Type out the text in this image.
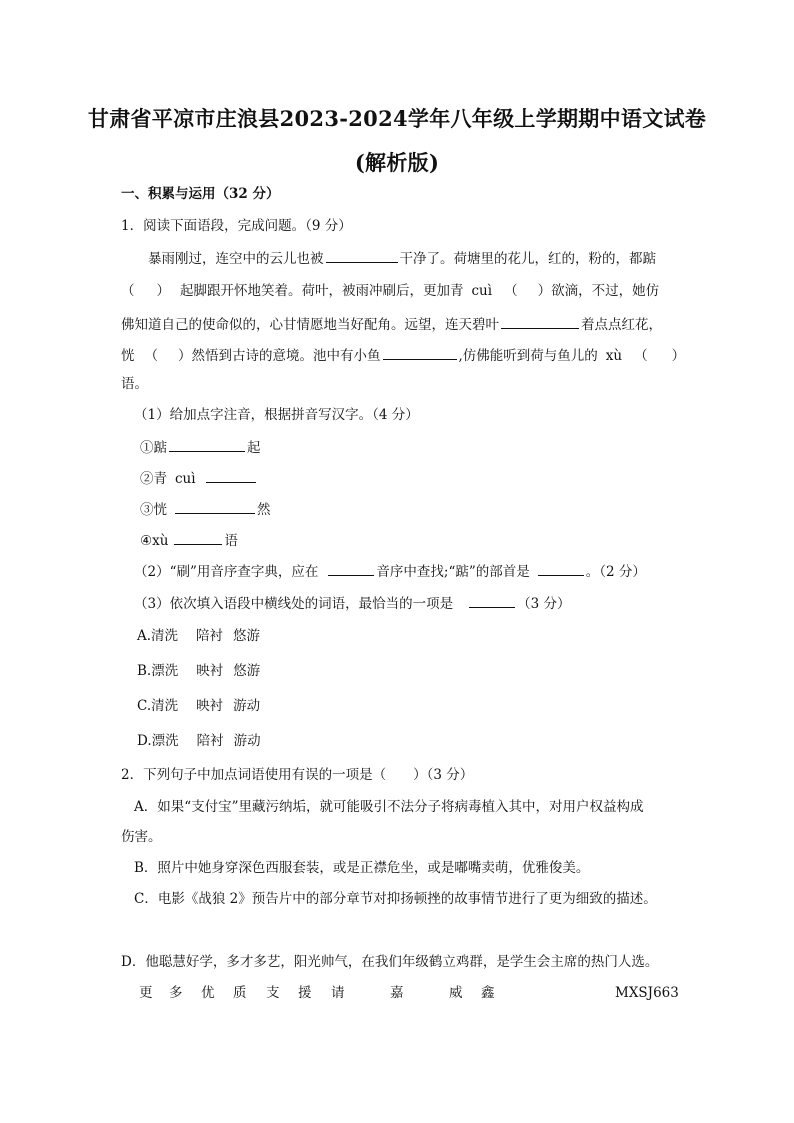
甘肃省平凉市庄浪县2023-2024学年八年级上学期期中语文试卷
(解析版)
一、积累与运用（32 分）
1．阅读下面语段，完成问题。（9 分）
暴雨刚过，连空中的云儿也被	干净了。荷塘里的花儿，红的，粉的，都踮
（ ） 起脚跟开怀地笑着。荷叶，被雨冲刷后，更加青 cuì （ ）欲滴，不过，她仿
佛知道自己的使命似的，心甘情愿地当好配角。远望，连天碧叶	着点点红花，
恍 （ ）然悟到古诗的意境。池中有小鱼	,仿佛能听到荷与鱼儿的 xù （ ）
语。
（1）给加点字注音，根据拼音写汉字。（4 分）
①踮	起
②青 cuì
③恍	然
④xù	语
（2）“刷”用音序查字典，应在	音序中查找;“踮”的部首是	。（2 分）
（3）依次填入语段中横线处的词语，最恰当的一项是	（3 分）
A.清洗 陪衬 悠游
B.漂洗 映衬 悠游
C.清洗 映衬 游动
D.漂洗 陪衬 游动
2．下列句子中加点词语使用有误的一项是（　　）（3 分）
A．如果“支付宝”里藏污纳垢，就可能吸引不法分子将病毒植入其中，对用户权益构成
伤害。
B．照片中她身穿深色西服套装，或是正襟危坐，或是嘟嘴卖萌，优雅俊美。
C．电影《战狼 2》预告片中的部分章节对抑扬顿挫的故事情节进行了更为细致的描述。
D．他聪慧好学，多才多艺，阳光帅气，在我们年级鹤立鸡群，是学生会主席的热门人选。
更 多 优 质 支 援 请	嘉	威 鑫	MXSJ663
